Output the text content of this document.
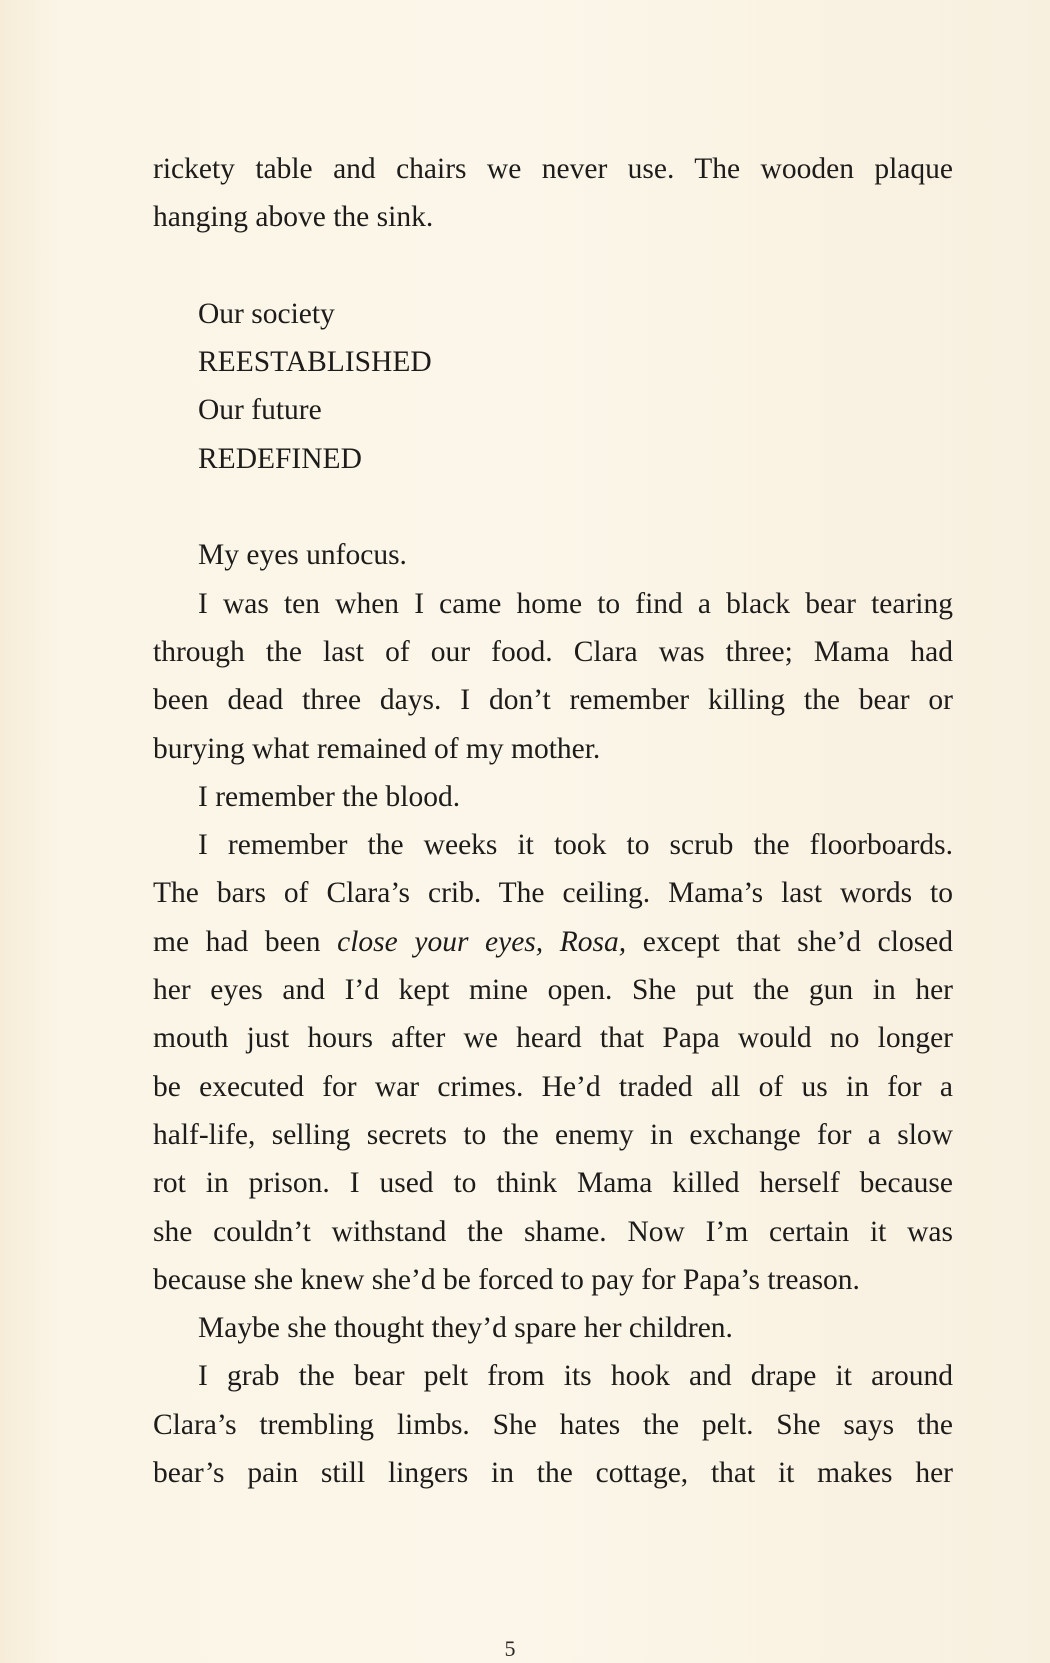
rickety table and chairs we never use. The wooden plaque
hanging above the sink.
Our society
REESTABLISHED
Our future
REDEFINED
My eyes unfocus.
I was ten when I came home to find a black bear tearing
through the last of our food. Clara was three; Mama had
been dead three days. I don’t remember killing the bear or
burying what remained of my mother.
I remember the blood.
I remember the weeks it took to scrub the floorboards.
The bars of Clara’s crib. The ceiling. Mama’s last words to
me had been close your eyes, Rosa, except that she’d closed
her eyes and I’d kept mine open. She put the gun in her
mouth just hours after we heard that Papa would no longer
be executed for war crimes. He’d traded all of us in for a
half-life, selling secrets to the enemy in exchange for a slow
rot in prison. I used to think Mama killed herself because
she couldn’t withstand the shame. Now I’m certain it was
because she knew she’d be forced to pay for Papa’s treason.
Maybe she thought they’d spare her children.
I grab the bear pelt from its hook and drape it around
Clara’s trembling limbs. She hates the pelt. She says the
bear’s pain still lingers in the cottage, that it makes her
5
